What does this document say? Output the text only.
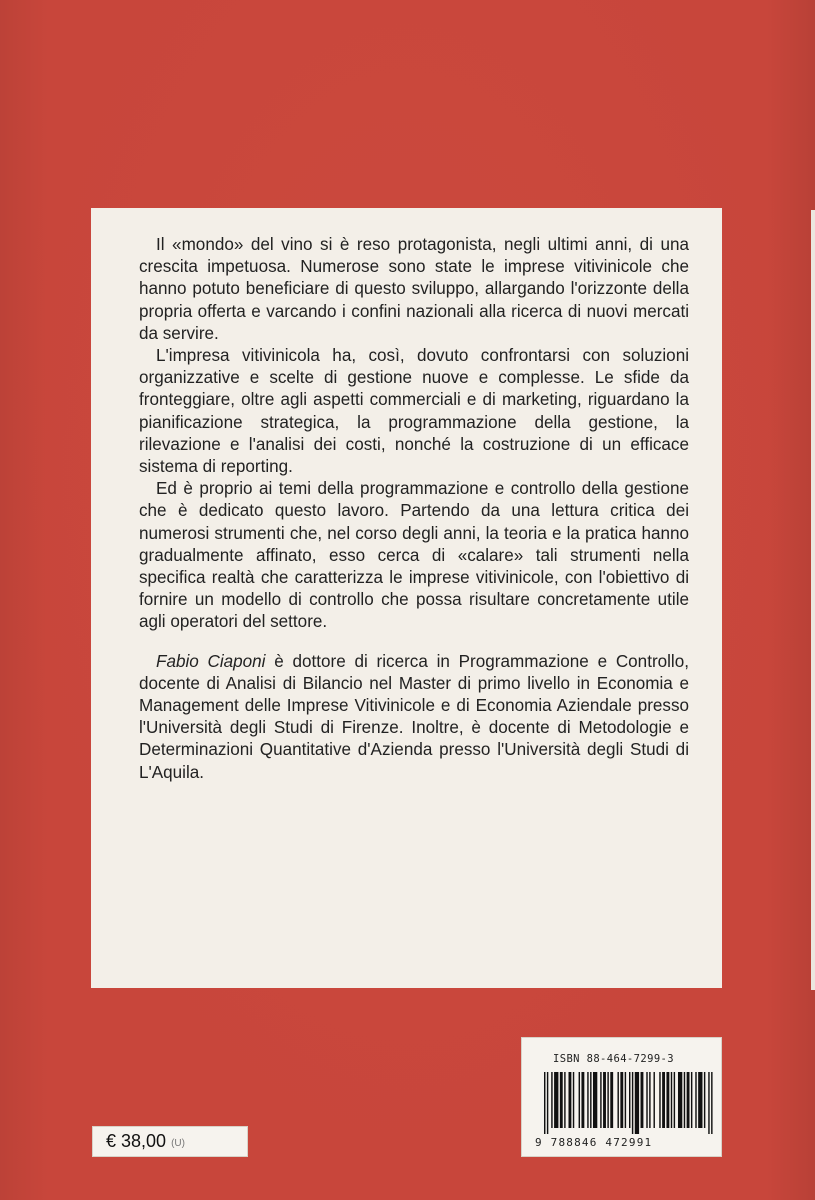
Il «mondo» del vino si è reso protagonista, negli ultimi anni, di una crescita impetuosa. Numerose sono state le imprese vitivinicole che hanno potuto beneficiare di questo sviluppo, allargando l'orizzonte della propria offerta e varcando i confini nazionali alla ricerca di nuovi mercati da servire.

L'impresa vitivinicola ha, così, dovuto confrontarsi con soluzioni organizzative e scelte di gestione nuove e complesse. Le sfide da fronteggiare, oltre agli aspetti commerciali e di marketing, riguardano la pianificazione strategica, la programmazione della gestione, la rilevazione e l'analisi dei costi, nonché la costruzione di un efficace sistema di reporting.

Ed è proprio ai temi della programmazione e controllo della gestione che è dedicato questo lavoro. Partendo da una lettura critica dei numerosi strumenti che, nel corso degli anni, la teoria e la pratica hanno gradualmente affinato, esso cerca di «calare» tali strumenti nella specifica realtà che caratterizza le imprese vitivinicole, con l'obiettivo di fornire un modello di controllo che possa risultare concretamente utile agli operatori del settore.

Fabio Ciaponi è dottore di ricerca in Programmazione e Controllo, docente di Analisi di Bilancio nel Master di primo livello in Economia e Management delle Imprese Vitivinicole e di Economia Aziendale presso l'Università degli Studi di Firenze. Inoltre, è docente di Metodologie e Determinazioni Quantitative d'Azienda presso l'Università degli Studi di L'Aquila.

ISBN 88-464-7299-3
9 788846 472991
€ 38,00 (U)
